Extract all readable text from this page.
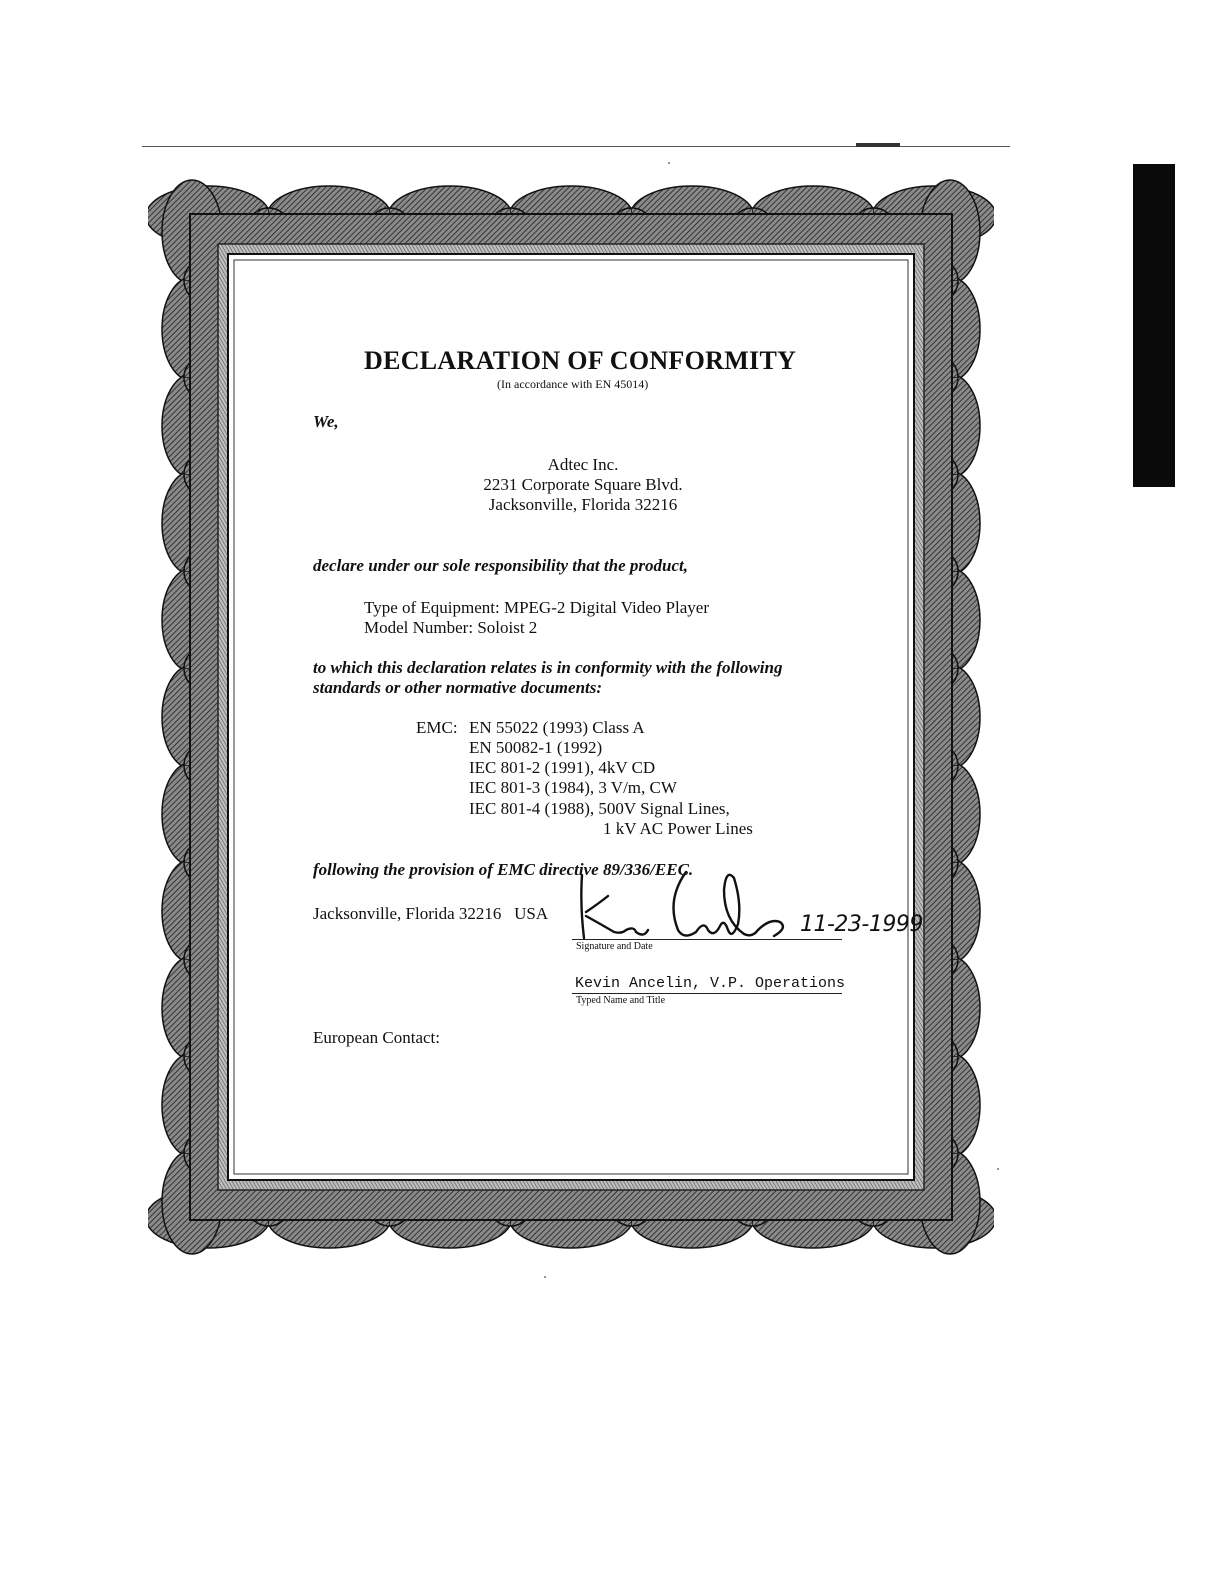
DECLARATION OF CONFORMITY
(In accordance with EN 45014)
We,
Adtec Inc.
2231 Corporate Square Blvd.
Jacksonville, Florida 32216
declare under our sole responsibility that the product,
Type of Equipment: MPEG-2 Digital Video Player
Model Number: Soloist 2
to which this declaration relates is in conformity with the following
standards or other normative documents:
EMC: EN 55022 (1993) Class A
EN 50082-1 (1992)
IEC 801-2 (1991), 4kV CD
IEC 801-3 (1984), 3 V/m, CW
IEC 801-4 (1988), 500V Signal Lines,
1 kV AC Power Lines
following the provision of EMC directive 89/336/EEC.
Jacksonville, Florida 32216   USA	11-23-1999
Signature and Date
Kevin Ancelin, V.P. Operations
Typed Name and Title
European Contact:
